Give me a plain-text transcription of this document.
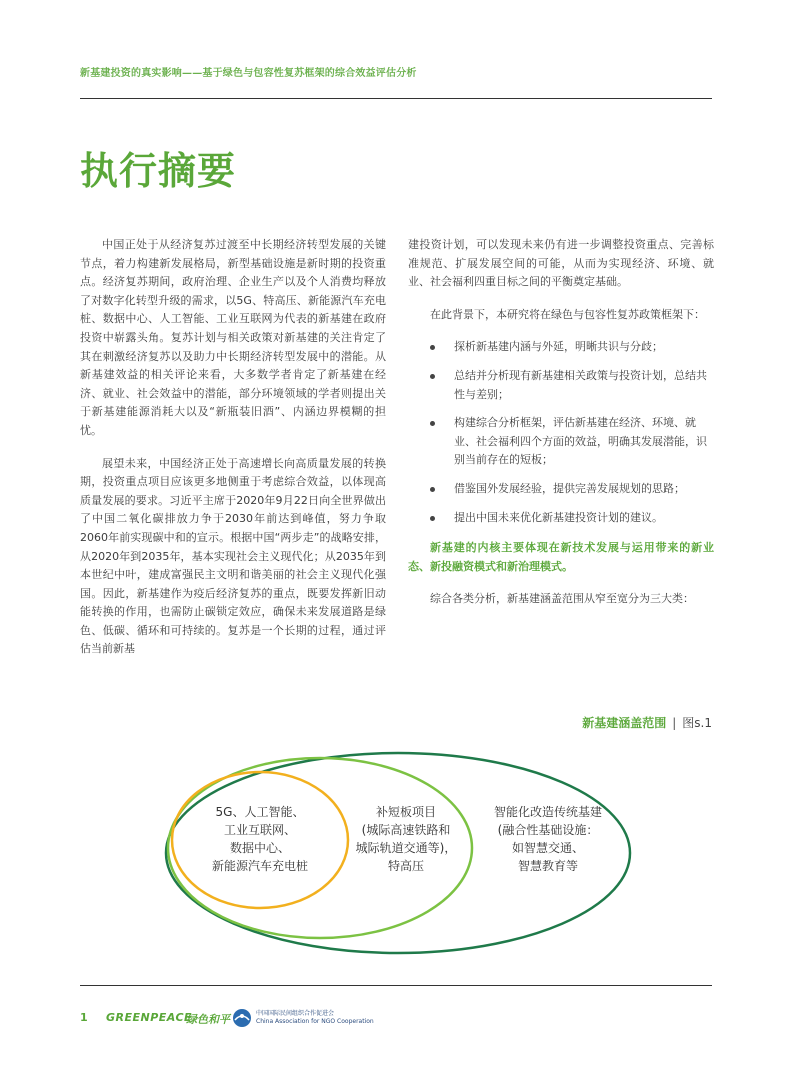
新基建投资的真实影响——基于绿色与包容性复苏框架的综合效益评估分析
执行摘要

中国正处于从经济复苏过渡至中长期经济转型发展的关键节点，着力构建新发展格局，新型基础设施是新时期的投资重点。经济复苏期间，政府治理、企业生产以及个人消费均释放了对数字化转型升级的需求，以5G、特高压、新能源汽车充电桩、数据中心、人工智能、工业互联网为代表的新基建在政府投资中崭露头角。复苏计划与相关政策对新基建的关注肯定了其在刺激经济复苏以及助力中长期经济转型发展中的潜能。从新基建效益的相关评论来看，大多数学者肯定了新基建在经济、就业、社会效益中的潜能，部分环境领域的学者则提出关于新基建能源消耗大以及“新瓶装旧酒”、内涵边界模糊的担忧。

展望未来，中国经济正处于高速增长向高质量发展的转换期，投资重点项目应该更多地侧重于考虑综合效益，以体现高质量发展的要求。习近平主席于2020年9月22日向全世界做出了中国二氧化碳排放力争于2030年前达到峰值，努力争取2060年前实现碳中和的宣示。根据中国“两步走”的战略安排，从2020年到2035年，基本实现社会主义现代化；从2035年到本世纪中叶，建成富强民主文明和谐美丽的社会主义现代化强国。因此，新基建作为疫后经济复苏的重点，既要发挥新旧动能转换的作用，也需防止碳锁定效应，确保未来发展道路是绿色、低碳、循环和可持续的。复苏是一个长期的过程，通过评估当前新基

建投资计划，可以发现未来仍有进一步调整投资重点、完善标准规范、扩展发展空间的可能，从而为实现经济、环境、就业、社会福利四重目标之间的平衡奠定基础。

在此背景下，本研究将在绿色与包容性复苏政策框架下：

探析新基建内涵与外延，明晰共识与分歧；
总结并分析现有新基建相关政策与投资计划，总结共性与差别；
构建综合分析框架，评估新基建在经济、环境、就业、社会福利四个方面的效益，明确其发展潜能，识别当前存在的短板；
借鉴国外发展经验，提供完善发展规划的思路；
提出中国未来优化新基建投资计划的建议。

新基建的内核主要体现在新技术发展与运用带来的新业态、新投融资模式和新治理模式。

综合各类分析，新基建涵盖范围从窄至宽分为三大类：

新基建涵盖范围 | 图s.1
5G、人工智能、
工业互联网、
数据中心、
新能源汽车充电桩
补短板项目
(城际高速铁路和
城际轨道交通等)，
特高压
智能化改造传统基建
(融合性基础设施：
如智慧交通、
智慧教育等
1 GREENPEACE
绿色和平	中国国际民间组织合作促进会
China Association for NGO Cooperation
